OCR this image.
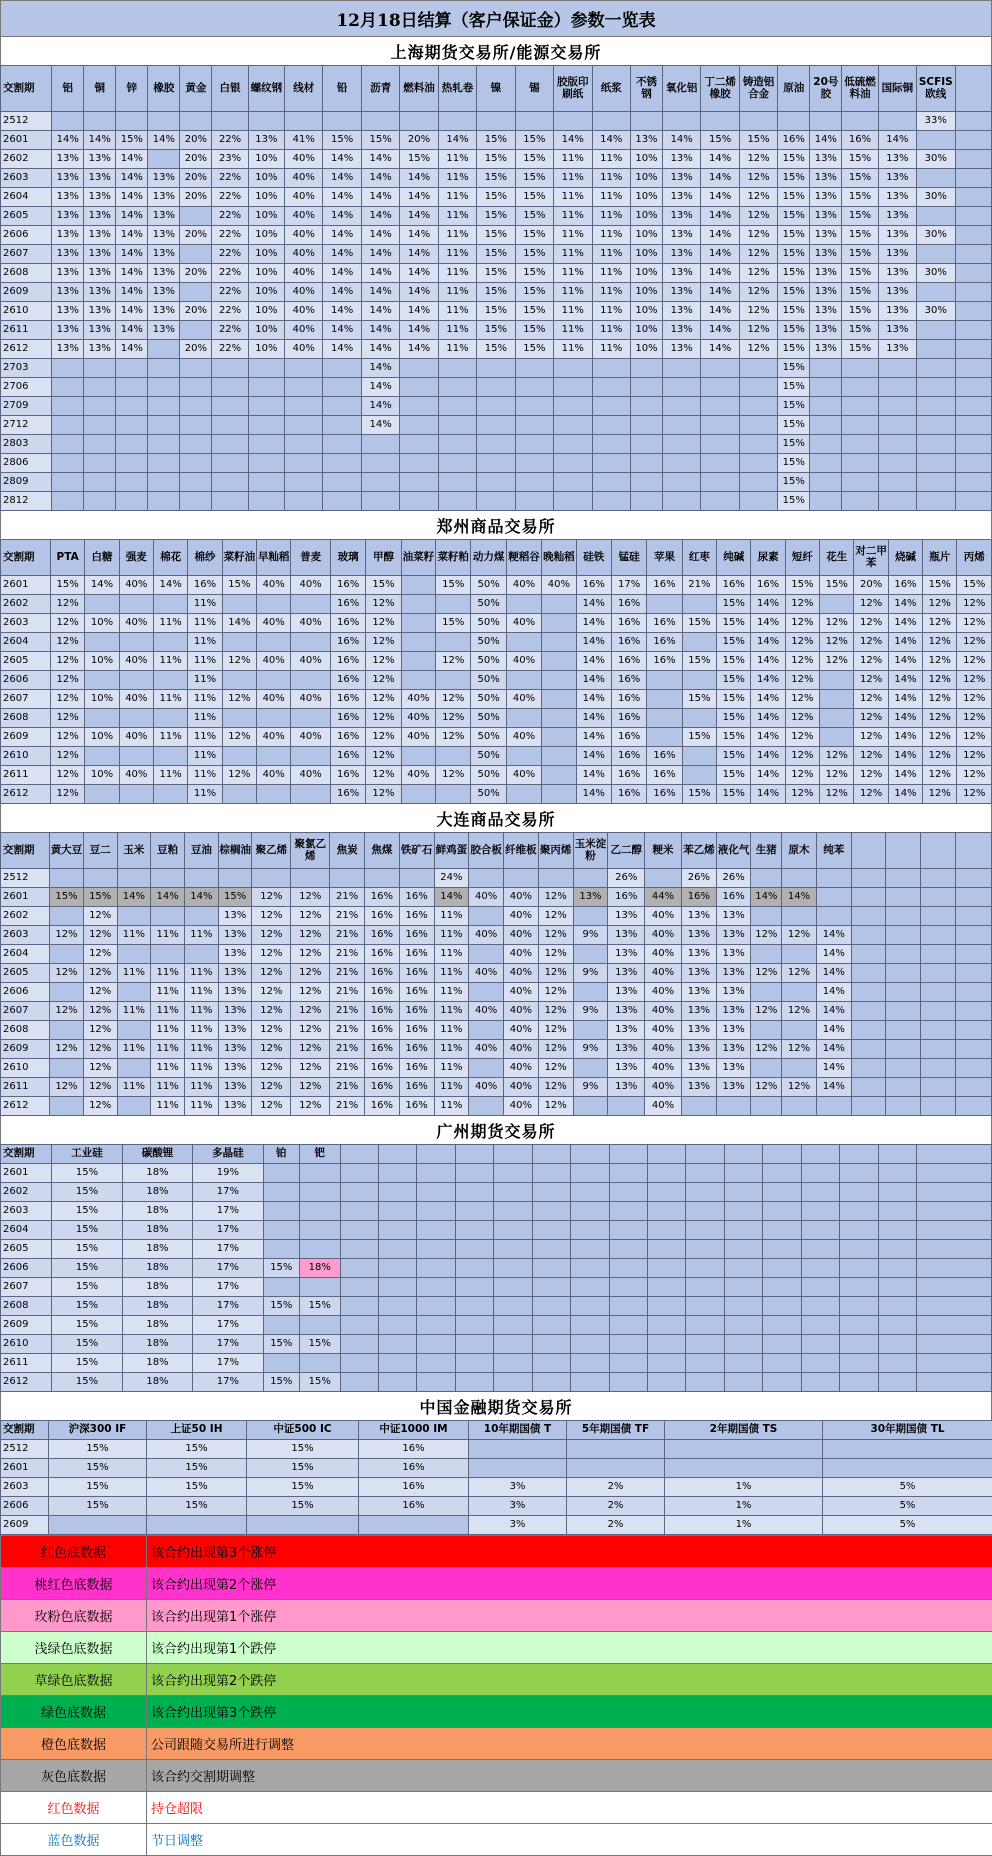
12月18日结算（客户保证金）参数一览表
上海期货交易所/能源交易所
交割期	铝	铜	锌	橡胶	黄金	白银	螺纹钢	线材	铅	沥青	燃料油	热轧卷	镍	锡	胶版印刷纸	纸浆	不锈钢	氧化铝	丁二烯橡胶	铸造铝合金	原油	20号胶	低硫燃料油	国际铜	SCFIS欧线	
2512																									33%	
2601	14%	14%	15%	14%	20%	22%	13%	41%	15%	15%	20%	14%	15%	15%	14%	14%	13%	14%	15%	15%	16%	14%	16%	14%		
2602	13%	13%	14%		20%	23%	10%	40%	14%	14%	15%	11%	15%	15%	11%	11%	10%	13%	14%	12%	15%	13%	15%	13%	30%	
2603	13%	13%	14%	13%	20%	22%	10%	40%	14%	14%	14%	11%	15%	15%	11%	11%	10%	13%	14%	12%	15%	13%	15%	13%		
2604	13%	13%	14%	13%	20%	22%	10%	40%	14%	14%	14%	11%	15%	15%	11%	11%	10%	13%	14%	12%	15%	13%	15%	13%	30%	
2605	13%	13%	14%	13%		22%	10%	40%	14%	14%	14%	11%	15%	15%	11%	11%	10%	13%	14%	12%	15%	13%	15%	13%		
2606	13%	13%	14%	13%	20%	22%	10%	40%	14%	14%	14%	11%	15%	15%	11%	11%	10%	13%	14%	12%	15%	13%	15%	13%	30%	
2607	13%	13%	14%	13%		22%	10%	40%	14%	14%	14%	11%	15%	15%	11%	11%	10%	13%	14%	12%	15%	13%	15%	13%		
2608	13%	13%	14%	13%	20%	22%	10%	40%	14%	14%	14%	11%	15%	15%	11%	11%	10%	13%	14%	12%	15%	13%	15%	13%	30%	
2609	13%	13%	14%	13%		22%	10%	40%	14%	14%	14%	11%	15%	15%	11%	11%	10%	13%	14%	12%	15%	13%	15%	13%		
2610	13%	13%	14%	13%	20%	22%	10%	40%	14%	14%	14%	11%	15%	15%	11%	11%	10%	13%	14%	12%	15%	13%	15%	13%	30%	
2611	13%	13%	14%	13%		22%	10%	40%	14%	14%	14%	11%	15%	15%	11%	11%	10%	13%	14%	12%	15%	13%	15%	13%		
2612	13%	13%	14%		20%	22%	10%	40%	14%	14%	14%	11%	15%	15%	11%	11%	10%	13%	14%	12%	15%	13%	15%	13%		
2703										14%											15%					
2706										14%											15%					
2709										14%											15%					
2712										14%											15%					
2803																					15%					
2806																					15%					
2809																					15%					
2812																					15%					
郑州商品交易所
交割期	PTA	白糖	强麦	棉花	棉纱	菜籽油	早籼稻	普麦	玻璃	甲醇	油菜籽	菜籽粕	动力煤	粳稻谷	晚籼稻	硅铁	锰硅	苹果	红枣	纯碱	尿素	短纤	花生	对二甲苯	烧碱	瓶片	丙烯
2601	15%	14%	40%	14%	16%	15%	40%	40%	16%	15%		15%	50%	40%	40%	16%	17%	16%	21%	16%	16%	15%	15%	20%	16%	15%	15%
2602	12%				11%				16%	12%			50%			14%	16%			15%	14%	12%		12%	14%	12%	12%
2603	12%	10%	40%	11%	11%	14%	40%	40%	16%	12%		15%	50%	40%		14%	16%	16%	15%	15%	14%	12%	12%	12%	14%	12%	12%
2604	12%				11%				16%	12%			50%			14%	16%	16%		15%	14%	12%	12%	12%	14%	12%	12%
2605	12%	10%	40%	11%	11%	12%	40%	40%	16%	12%		12%	50%	40%		14%	16%	16%	15%	15%	14%	12%	12%	12%	14%	12%	12%
2606	12%				11%				16%	12%			50%			14%	16%			15%	14%	12%		12%	14%	12%	12%
2607	12%	10%	40%	11%	11%	12%	40%	40%	16%	12%	40%	12%	50%	40%		14%	16%		15%	15%	14%	12%		12%	14%	12%	12%
2608	12%				11%				16%	12%	40%	12%	50%			14%	16%			15%	14%	12%		12%	14%	12%	12%
2609	12%	10%	40%	11%	11%	12%	40%	40%	16%	12%	40%	12%	50%	40%		14%	16%		15%	15%	14%	12%		12%	14%	12%	12%
2610	12%				11%				16%	12%			50%			14%	16%	16%		15%	14%	12%	12%	12%	14%	12%	12%
2611	12%	10%	40%	11%	11%	12%	40%	40%	16%	12%	40%	12%	50%	40%		14%	16%	16%		15%	14%	12%	12%	12%	14%	12%	12%
2612	12%				11%				16%	12%			50%			14%	16%	16%	15%	15%	14%	12%	12%	12%	14%	12%	12%
大连商品交易所
交割期	黄大豆	豆二	玉米	豆粕	豆油	棕榈油	聚乙烯	聚氯乙烯	焦炭	焦煤	铁矿石	鲜鸡蛋	胶合板	纤维板	聚丙烯	玉米淀粉	乙二醇	粳米	苯乙烯	液化气	生猪	原木	纯苯				
2512												24%					26%		26%	26%							
2601	15%	15%	14%	14%	14%	15%	12%	12%	21%	16%	16%	14%	40%	40%	12%	13%	16%	44%	16%	16%	14%	14%					
2602		12%				13%	12%	12%	21%	16%	16%	11%		40%	12%		13%	40%	13%	13%							
2603	12%	12%	11%	11%	11%	13%	12%	12%	21%	16%	16%	11%	40%	40%	12%	9%	13%	40%	13%	13%	12%	12%	14%				
2604		12%				13%	12%	12%	21%	16%	16%	11%		40%	12%		13%	40%	13%	13%			14%				
2605	12%	12%	11%	11%	11%	13%	12%	12%	21%	16%	16%	11%	40%	40%	12%	9%	13%	40%	13%	13%	12%	12%	14%				
2606		12%		11%	11%	13%	12%	12%	21%	16%	16%	11%		40%	12%		13%	40%	13%	13%			14%				
2607	12%	12%	11%	11%	11%	13%	12%	12%	21%	16%	16%	11%	40%	40%	12%	9%	13%	40%	13%	13%	12%	12%	14%				
2608		12%		11%	11%	13%	12%	12%	21%	16%	16%	11%		40%	12%		13%	40%	13%	13%			14%				
2609	12%	12%	11%	11%	11%	13%	12%	12%	21%	16%	16%	11%	40%	40%	12%	9%	13%	40%	13%	13%	12%	12%	14%				
2610		12%		11%	11%	13%	12%	12%	21%	16%	16%	11%		40%	12%		13%	40%	13%	13%			14%				
2611	12%	12%	11%	11%	11%	13%	12%	12%	21%	16%	16%	11%	40%	40%	12%	9%	13%	40%	13%	13%	12%	12%	14%				
2612		12%		11%	11%	13%	12%	12%	21%	16%	16%	11%		40%	12%			40%									
广州期货交易所
交割期	工业硅	碳酸锂	多晶硅	铂	钯																
2601	15%	18%	19%																		
2602	15%	18%	17%																		
2603	15%	18%	17%																		
2604	15%	18%	17%																		
2605	15%	18%	17%																		
2606	15%	18%	17%	15%	18%																
2607	15%	18%	17%																		
2608	15%	18%	17%	15%	15%																
2609	15%	18%	17%																		
2610	15%	18%	17%	15%	15%																
2611	15%	18%	17%																		
2612	15%	18%	17%	15%	15%																
中国金融期货交易所
交割期	沪深300 IF	上证50 IH	中证500 IC	中证1000 IM	10年期国债 T	5年期国债 TF	2年期国债 TS	30年期国债 TL
2512	15%	15%	15%	16%				
2601	15%	15%	15%	16%				
2603	15%	15%	15%	16%	3%	2%	1%	5%
2606	15%	15%	15%	16%	3%	2%	1%	5%
2609					3%	2%	1%	5%
红色底数据	该合约出现第3个涨停
桃红色底数据	该合约出现第2个涨停
玫粉色底数据	该合约出现第1个涨停
浅绿色底数据	该合约出现第1个跌停
草绿色底数据	该合约出现第2个跌停
绿色底数据	该合约出现第3个跌停
橙色底数据	公司跟随交易所进行调整
灰色底数据	该合约交割期调整
红色数据	持仓超限
蓝色数据	节日调整
